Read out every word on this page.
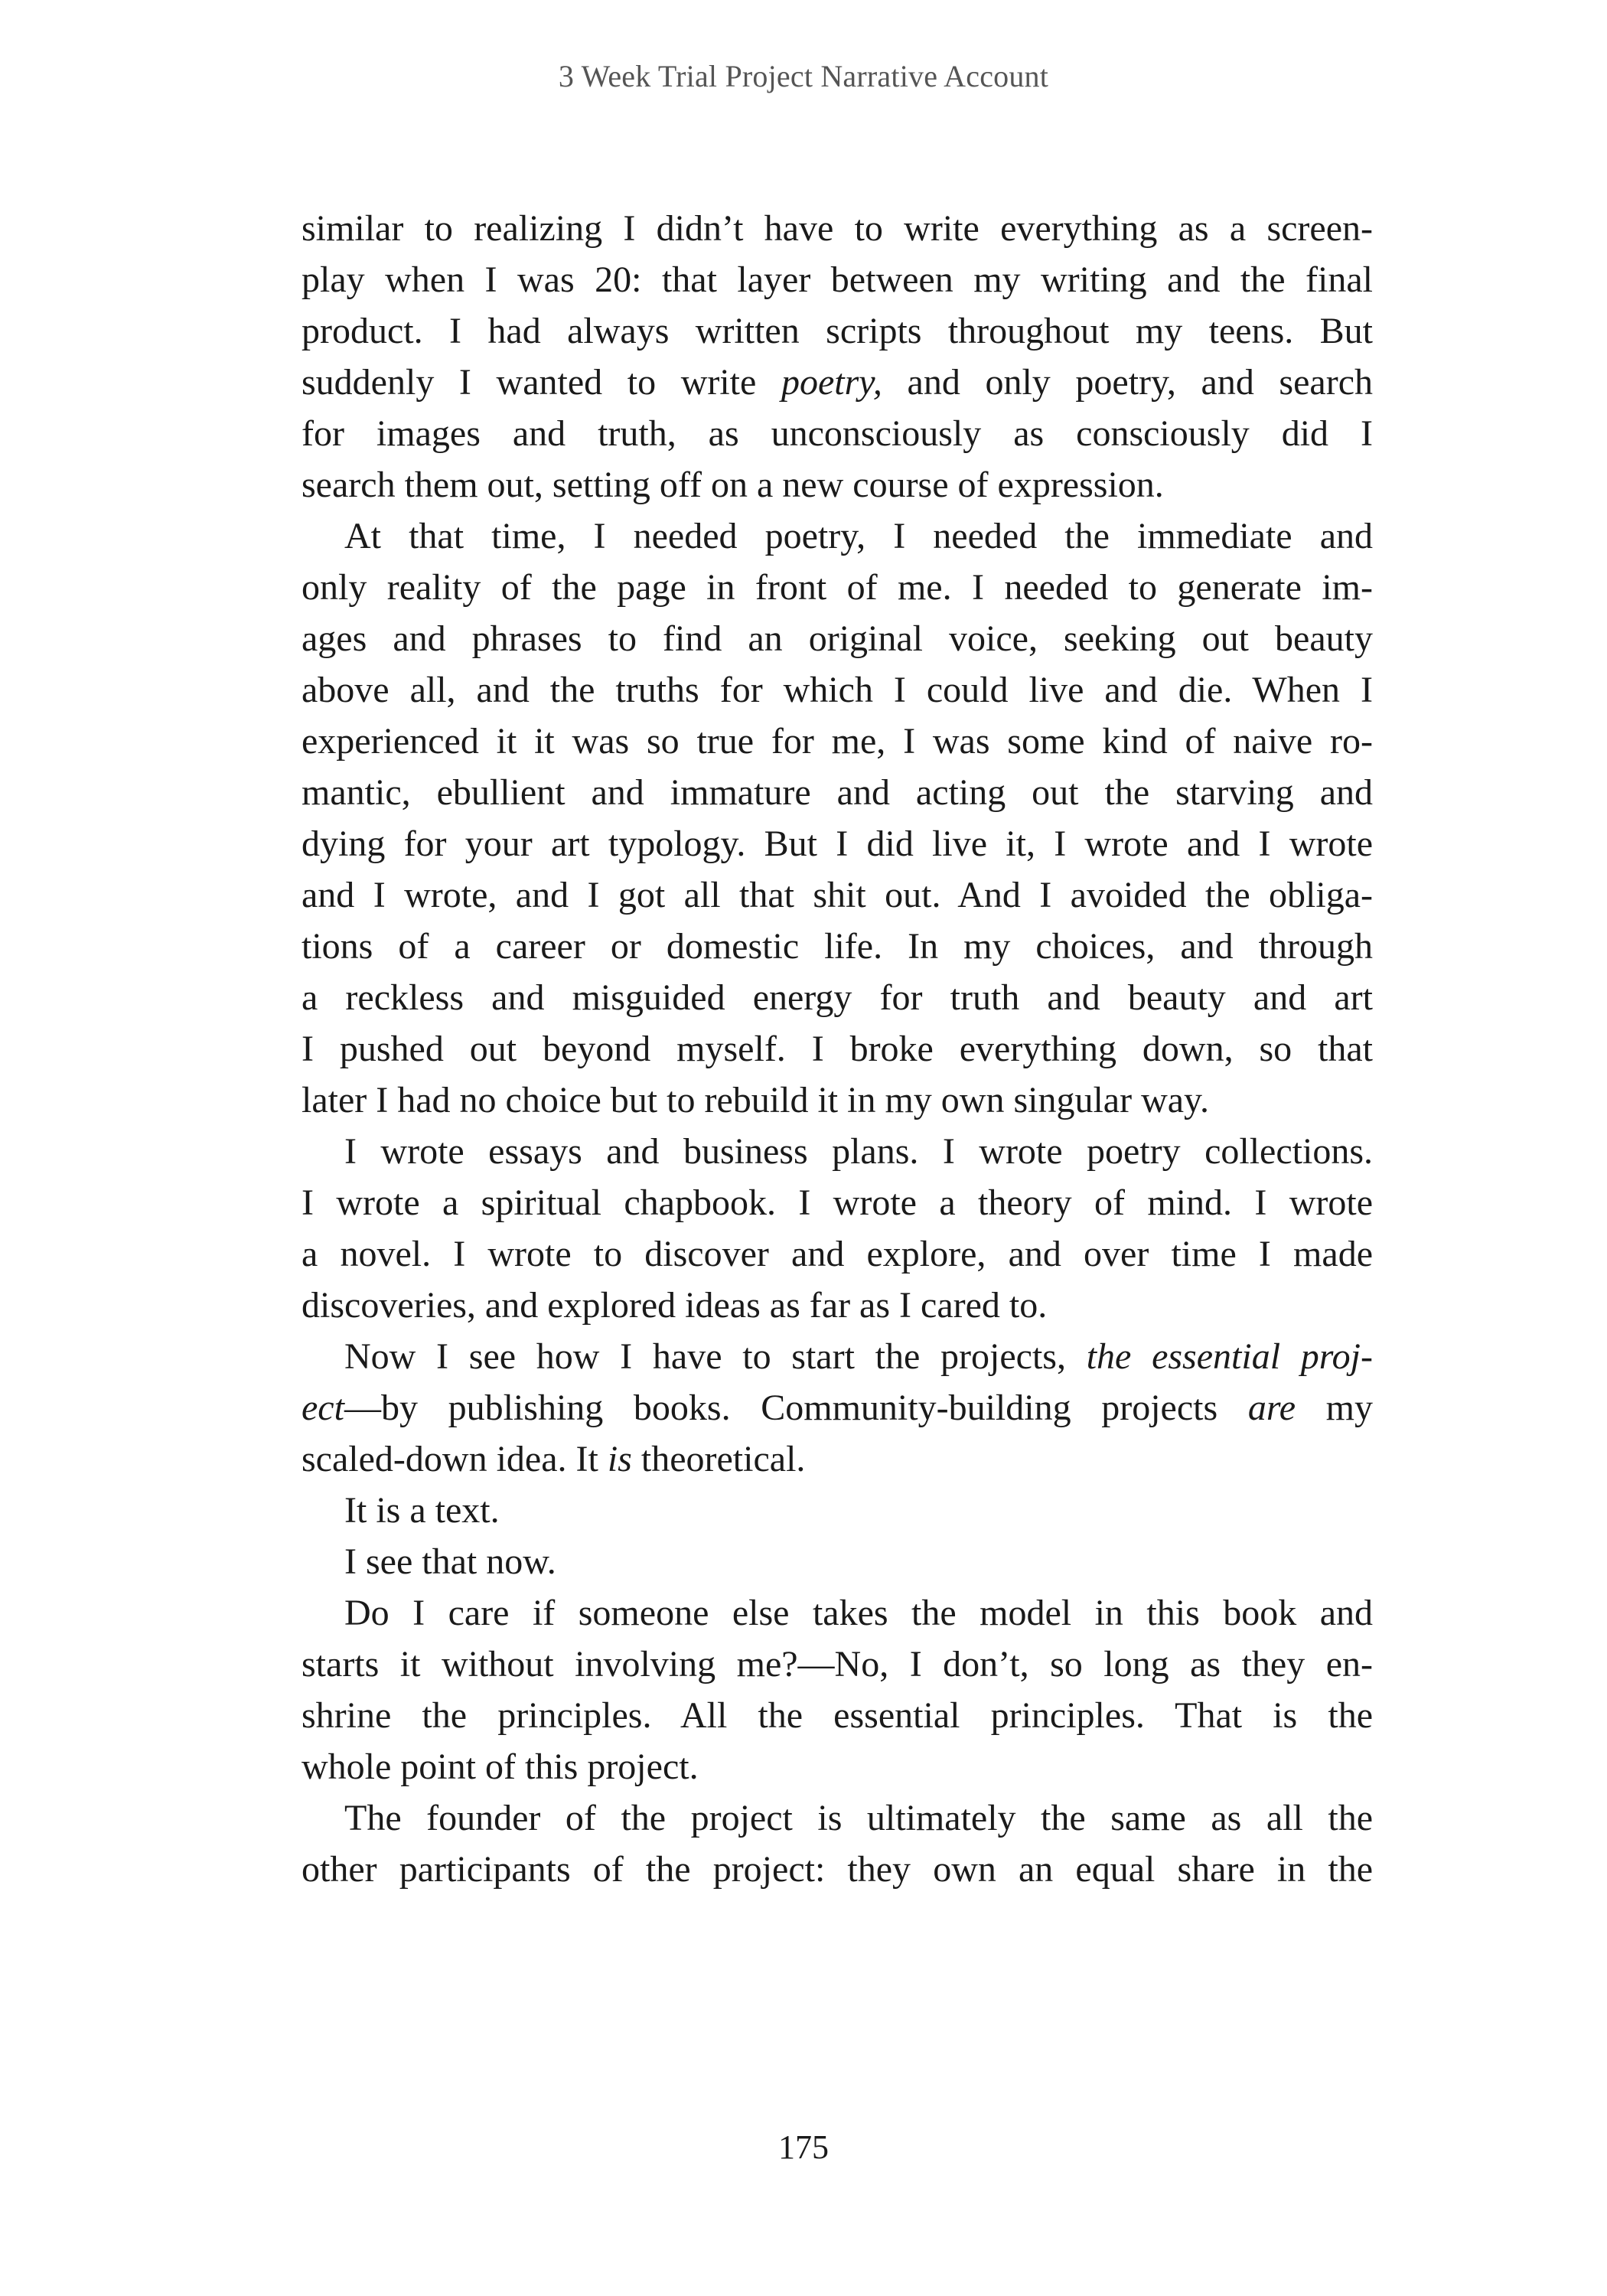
3 Week Trial Project Narrative Account
similar to realizing I didn’t have to write everything as a screen-
play when I was 20: that layer between my writing and the final
product. I had always written scripts throughout my teens. But
suddenly I wanted to write poetry, and only poetry, and search
for images and truth, as unconsciously as consciously did I
search them out, setting off on a new course of expression.
At that time, I needed poetry, I needed the immediate and
only reality of the page in front of me. I needed to generate im-
ages and phrases to find an original voice, seeking out beauty
above all, and the truths for which I could live and die. When I
experienced it it was so true for me, I was some kind of naive ro-
mantic, ebullient and immature and acting out the starving and
dying for your art typology. But I did live it, I wrote and I wrote
and I wrote, and I got all that shit out. And I avoided the obliga-
tions of a career or domestic life. In my choices, and through
a reckless and misguided energy for truth and beauty and art
I pushed out beyond myself. I broke everything down, so that
later I had no choice but to rebuild it in my own singular way.
I wrote essays and business plans. I wrote poetry collections.
I wrote a spiritual chapbook. I wrote a theory of mind. I wrote
a novel. I wrote to discover and explore, and over time I made
discoveries, and explored ideas as far as I cared to.
Now I see how I have to start the projects, the essential proj-
ect—by publishing books. Community-building projects are my
scaled-down idea. It is theoretical.
It is a text.
I see that now.
Do I care if someone else takes the model in this book and
starts it without involving me?—No, I don’t, so long as they en-
shrine the principles. All the essential principles. That is the
whole point of this project.
The founder of the project is ultimately the same as all the
other participants of the project: they own an equal share in the
175
